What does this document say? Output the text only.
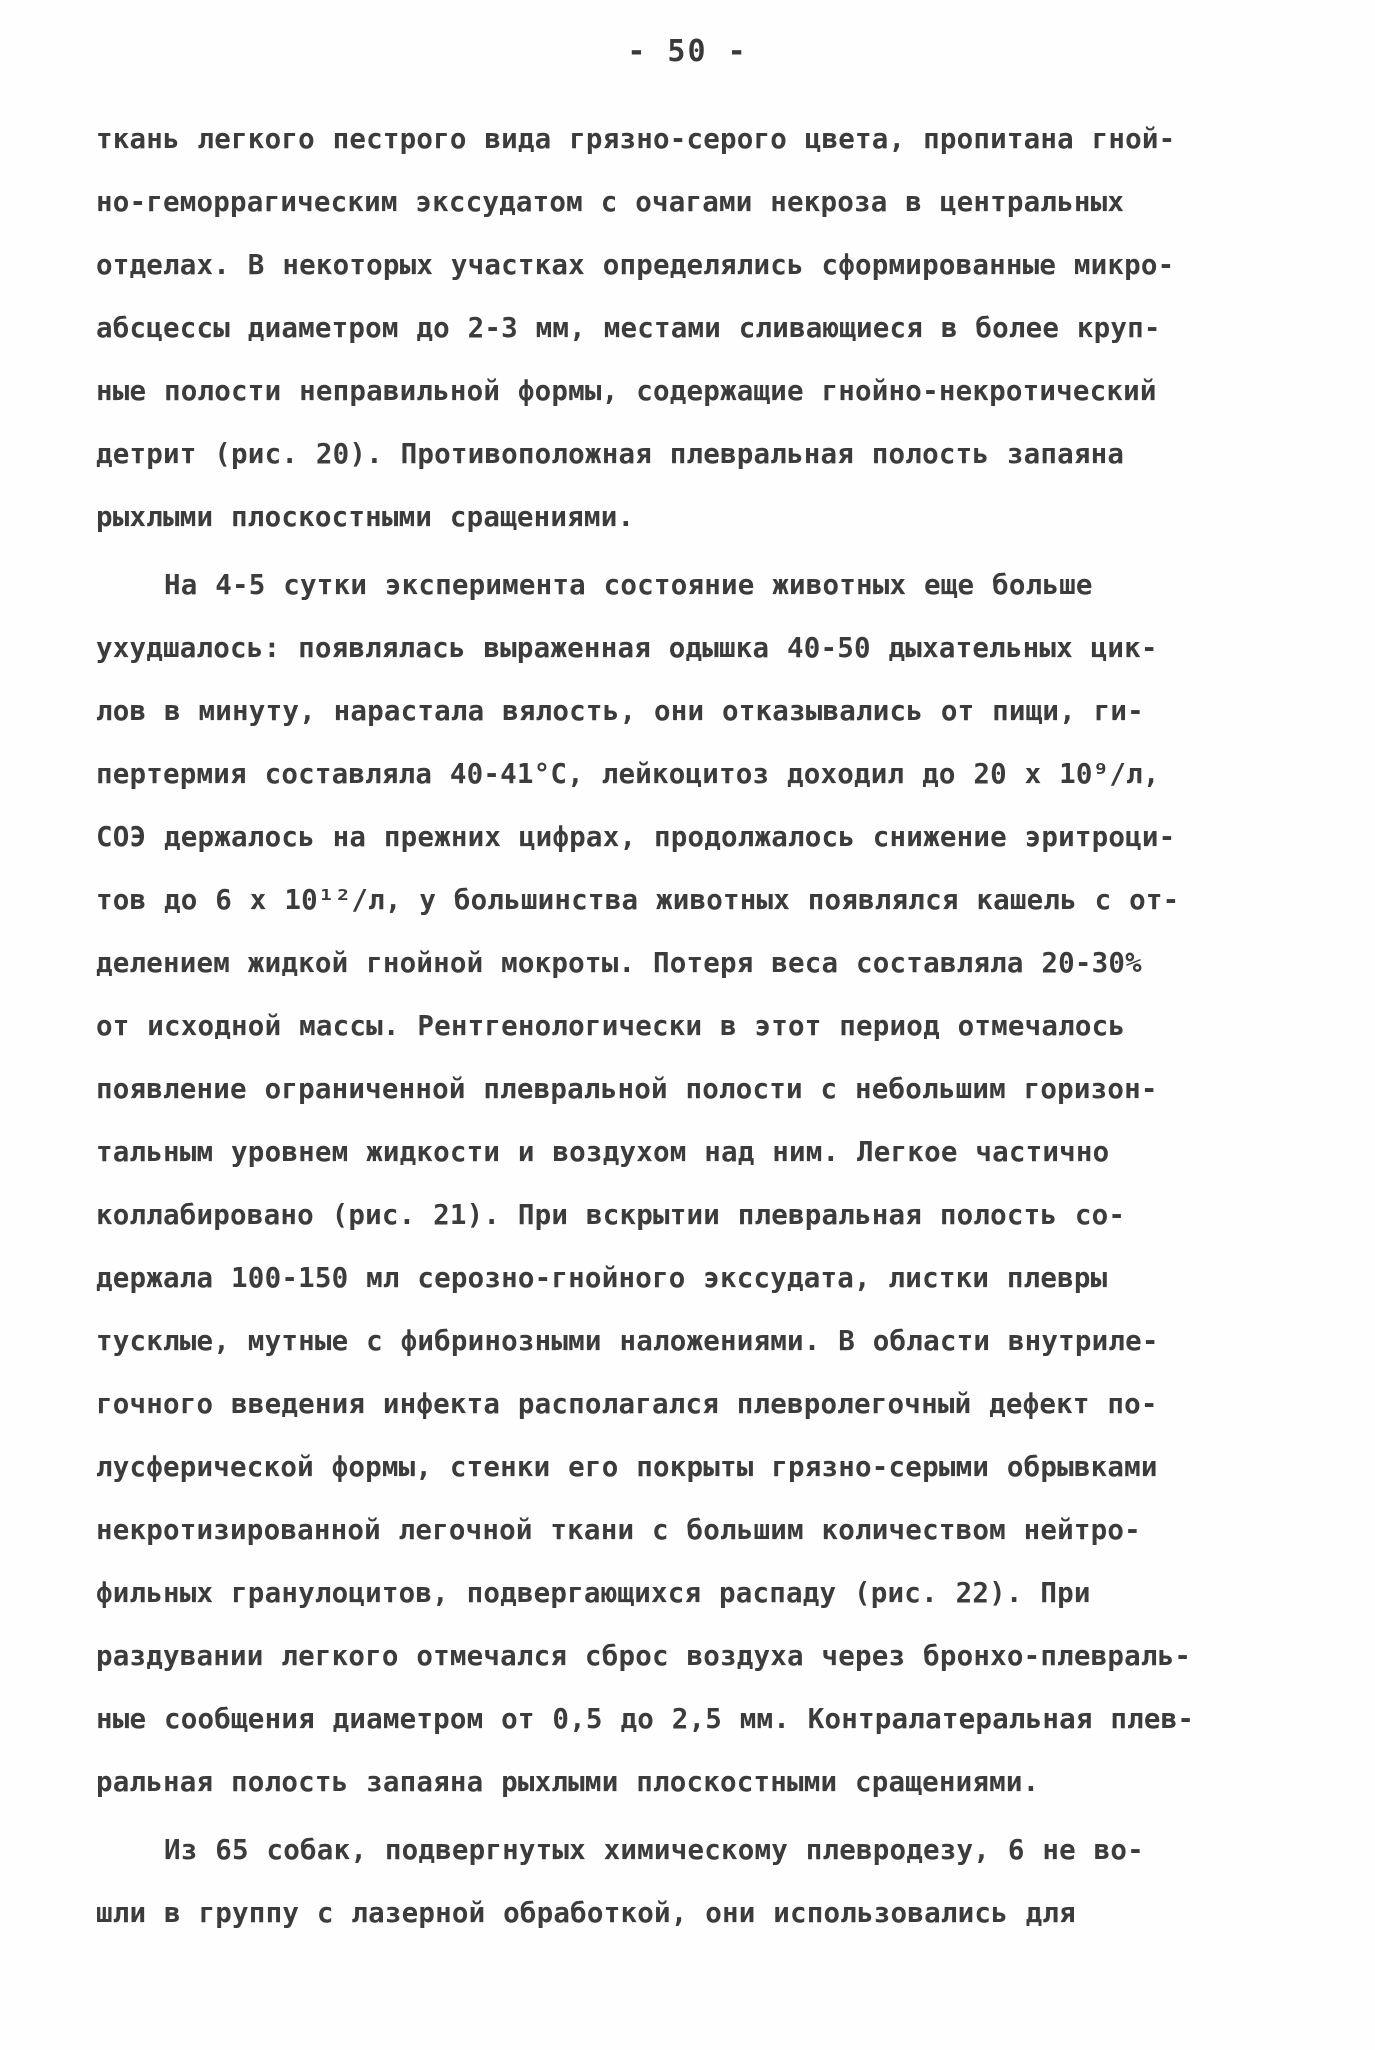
- 50 -
ткань легкого пестрого вида грязно-серого цвета, пропитана гной-
но-геморрагическим экссудатом с очагами некроза в центральных
отделах. В некоторых участках определялись сформированные микро-
абсцессы диаметром до 2-3 мм, местами сливающиеся в более круп-
ные полости неправильной формы, содержащие гнойно-некротический
детрит (рис. 20). Противоположная плевральная полость запаяна
рыхлыми плоскостными сращениями.
На 4-5 сутки эксперимента состояние животных еще больше
ухудшалось: появлялась выраженная одышка 40-50 дыхательных цик-
лов в минуту, нарастала вялость, они отказывались от пищи, ги-
пертермия составляла 40-41°С, лейкоцитоз доходил до 20 х 10⁹/л,
СОЭ держалось на прежних цифрах, продолжалось снижение эритроци-
тов до 6 х 10¹²/л, у большинства животных появлялся кашель с от-
делением жидкой гнойной мокроты. Потеря веса составляла 20-30%
от исходной массы. Рентгенологически в этот период отмечалось
появление ограниченной плевральной полости с небольшим горизон-
тальным уровнем жидкости и воздухом над ним. Легкое частично
коллабировано (рис. 21). При вскрытии плевральная полость со-
держала 100-150 мл серозно-гнойного экссудата, листки плевры
тусклые, мутные с фибринозными наложениями. В области внутриле-
гочного введения инфекта располагался плевролегочный дефект по-
лусферической формы, стенки его покрыты грязно-серыми обрывками
некротизированной легочной ткани с большим количеством нейтро-
фильных гранулоцитов, подвергающихся распаду (рис. 22). При
раздувании легкого отмечался сброс воздуха через бронхо-плевраль-
ные сообщения диаметром от 0,5 до 2,5 мм. Контралатеральная плев-
ральная полость запаяна рыхлыми плоскостными сращениями.
Из 65 собак, подвергнутых химическому плевродезу, 6 не во-
шли в группу с лазерной обработкой, они использовались для
